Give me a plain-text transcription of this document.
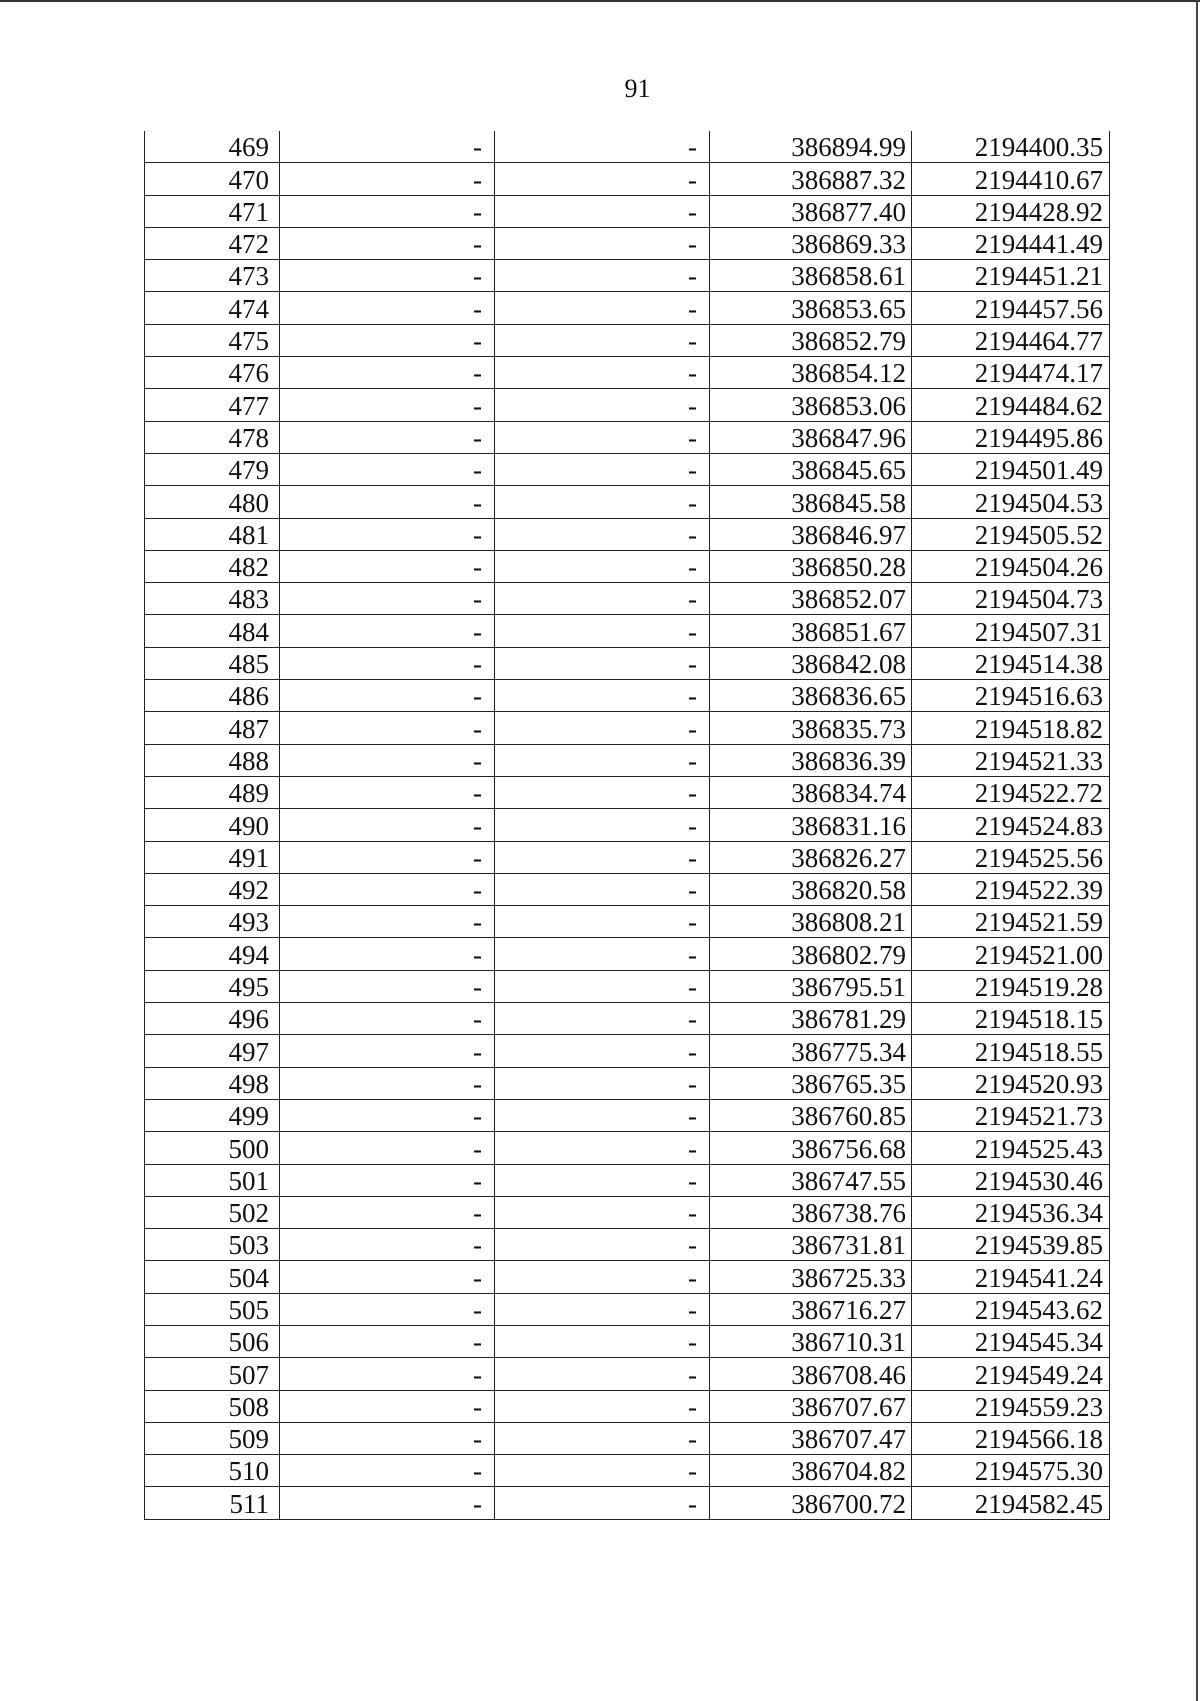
91
469	-	-	386894.99	2194400.35
470	-	-	386887.32	2194410.67
471	-	-	386877.40	2194428.92
472	-	-	386869.33	2194441.49
473	-	-	386858.61	2194451.21
474	-	-	386853.65	2194457.56
475	-	-	386852.79	2194464.77
476	-	-	386854.12	2194474.17
477	-	-	386853.06	2194484.62
478	-	-	386847.96	2194495.86
479	-	-	386845.65	2194501.49
480	-	-	386845.58	2194504.53
481	-	-	386846.97	2194505.52
482	-	-	386850.28	2194504.26
483	-	-	386852.07	2194504.73
484	-	-	386851.67	2194507.31
485	-	-	386842.08	2194514.38
486	-	-	386836.65	2194516.63
487	-	-	386835.73	2194518.82
488	-	-	386836.39	2194521.33
489	-	-	386834.74	2194522.72
490	-	-	386831.16	2194524.83
491	-	-	386826.27	2194525.56
492	-	-	386820.58	2194522.39
493	-	-	386808.21	2194521.59
494	-	-	386802.79	2194521.00
495	-	-	386795.51	2194519.28
496	-	-	386781.29	2194518.15
497	-	-	386775.34	2194518.55
498	-	-	386765.35	2194520.93
499	-	-	386760.85	2194521.73
500	-	-	386756.68	2194525.43
501	-	-	386747.55	2194530.46
502	-	-	386738.76	2194536.34
503	-	-	386731.81	2194539.85
504	-	-	386725.33	2194541.24
505	-	-	386716.27	2194543.62
506	-	-	386710.31	2194545.34
507	-	-	386708.46	2194549.24
508	-	-	386707.67	2194559.23
509	-	-	386707.47	2194566.18
510	-	-	386704.82	2194575.30
511	-	-	386700.72	2194582.45
